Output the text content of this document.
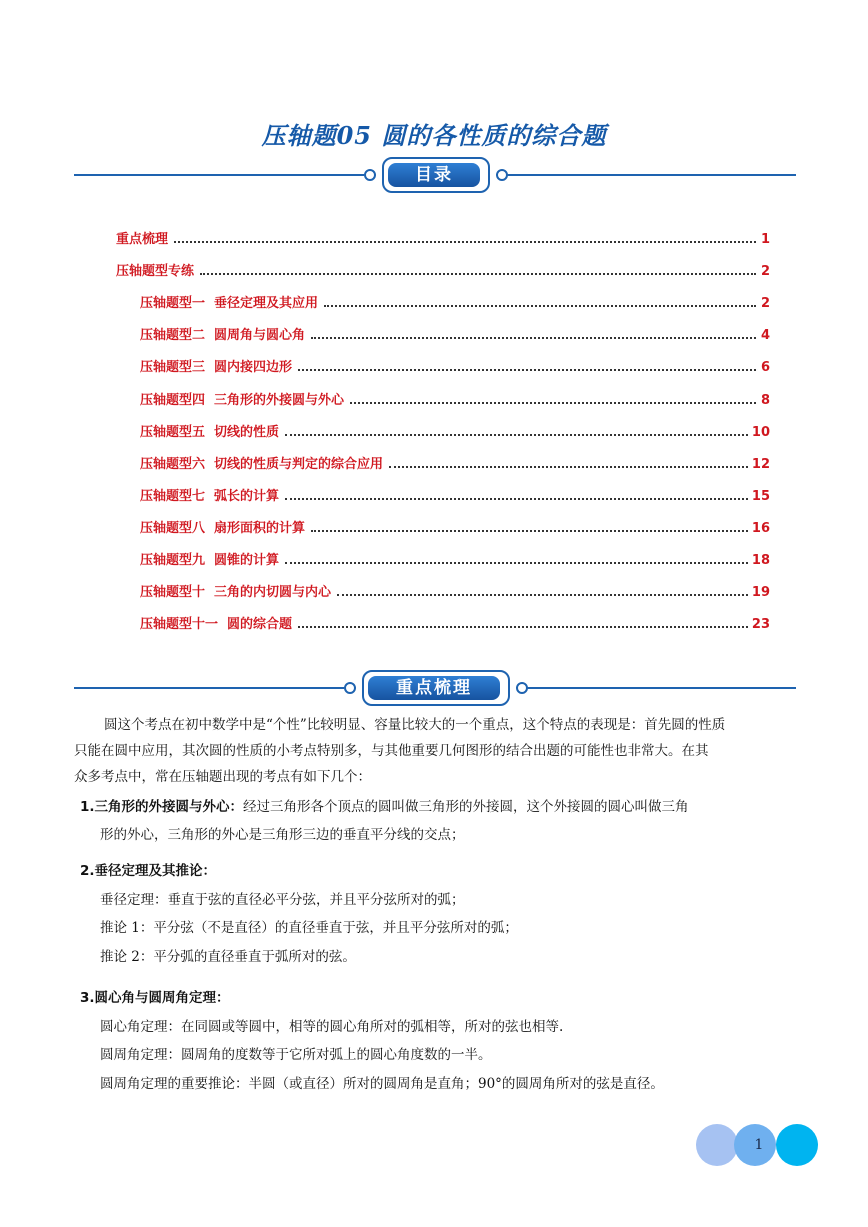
压轴题05 圆的各性质的综合题
目录
重点梳理	1
压轴题型专练	2
压轴题型一  垂径定理及其应用	2
压轴题型二  圆周角与圆心角	4
压轴题型三  圆内接四边形	6
压轴题型四  三角形的外接圆与外心	8
压轴题型五  切线的性质	10
压轴题型六  切线的性质与判定的综合应用	12
压轴题型七  弧长的计算	15
压轴题型八  扇形面积的计算	16
压轴题型九  圆锥的计算	18
压轴题型十  三角的内切圆与内心	19
压轴题型十一  圆的综合题	23
重点梳理
圆这个考点在初中数学中是“个性”比较明显、容量比较大的一个重点，这个特点的表现是：首先圆的性质
只能在圆中应用，其次圆的性质的小考点特别多，与其他重要几何图形的结合出题的可能性也非常大。在其
众多考点中，常在压轴题出现的考点有如下几个：
1.三角形的外接圆与外心：经过三角形各个顶点的圆叫做三角形的外接圆，这个外接圆的圆心叫做三角
形的外心，三角形的外心是三角形三边的垂直平分线的交点；
2.垂径定理及其推论：
垂径定理：垂直于弦的直径必平分弦，并且平分弦所对的弧；
推论 1：平分弦（不是直径）的直径垂直于弦，并且平分弦所对的弧；
推论 2：平分弧的直径垂直于弧所对的弦。
3.圆心角与圆周角定理：
圆心角定理：在同圆或等圆中，相等的圆心角所对的弧相等，所对的弦也相等.
圆周角定理：圆周角的度数等于它所对弧上的圆心角度数的一半。
圆周角定理的重要推论：半圆（或直径）所对的圆周角是直角；90°的圆周角所对的弦是直径。
1
